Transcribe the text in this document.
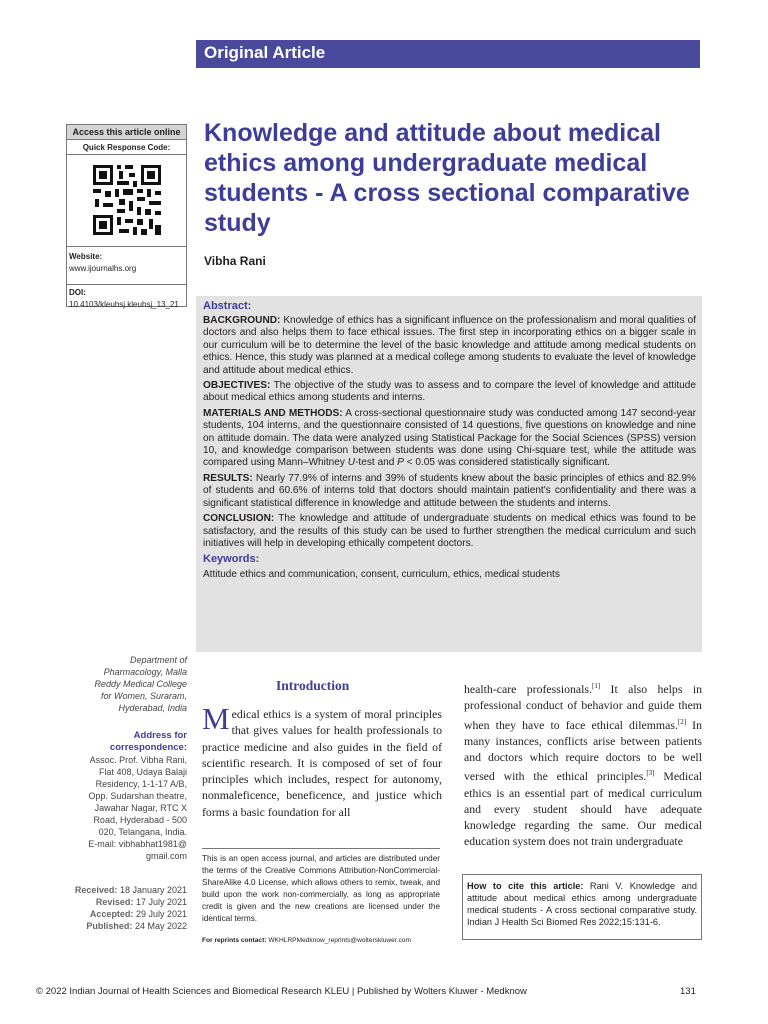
Original Article
Access this article online
Quick Response Code:
Website:
www.ijournalhs.org
DOI:
10.4103/kleuhsj.kleuhsj_13_21
Knowledge and attitude about medical ethics among undergraduate medical students - A cross sectional comparative study
Vibha Rani
Abstract:

BACKGROUND: Knowledge of ethics has a significant influence on the professionalism and moral qualities of doctors and also helps them to face ethical issues. The first step in incorporating ethics on a bigger scale in our curriculum will be to determine the level of the basic knowledge and attitude among medical students on ethics. Hence, this study was planned at a medical college among students to evaluate the level of knowledge and attitude about medical ethics.

OBJECTIVES: The objective of the study was to assess and to compare the level of knowledge and attitude about medical ethics among students and interns.

MATERIALS AND METHODS: A cross-sectional questionnaire study was conducted among 147 second-year students, 104 interns, and the questionnaire consisted of 14 questions, five questions on knowledge and nine on attitude domain. The data were analyzed using Statistical Package for the Social Sciences (SPSS) version 10, and knowledge comparison between students was done using Chi-square test, while the attitude was compared using Mann–Whitney U-test and P < 0.05 was considered statistically significant.

RESULTS: Nearly 77.9% of interns and 39% of students knew about the basic principles of ethics and 82.9% of students and 60.6% of interns told that doctors should maintain patient's confidentiality and there was a significant statistical difference in knowledge and attitude between the students and interns.

CONCLUSION: The knowledge and attitude of undergraduate students on medical ethics was found to be satisfactory, and the results of this study can be used to further strengthen the medical curriculum and such initiatives will help in developing ethically competent doctors.

Keywords:
Attitude ethics and communication, consent, curriculum, ethics, medical students
Department of Pharmacology, Malla Reddy Medical College for Women, Suraram, Hyderabad, India
Address for correspondence:
Assoc. Prof. Vibha Rani, Flat 408, Udaya Balaji Residency, 1-1-17 A/B, Opp. Sudarshan theatre, Jawahar Nagar, RTC X Road, Hyderabad - 500 020, Telangana, India.
E-mail: vibhabhat1981@ gmail.com
Received: 18 January 2021
Revised: 17 July 2021
Accepted: 29 July 2021
Published: 24 May 2022
Introduction

Medical ethics is a system of moral principles that gives values for health professionals to practice medicine and also guides in the field of scientific research. It is composed of set of four principles which includes, respect for autonomy, nonmaleficence, beneficence, and justice which forms a basic foundation for all

health-care professionals.[1] It also helps in professional conduct of behavior and guide them when they have to face ethical dilemmas.[2] In many instances, conflicts arise between patients and doctors which require doctors to be well versed with the ethical principles.[3] Medical ethics is an essential part of medical curriculum and every student should have adequate knowledge regarding the same. Our medical education system does not train undergraduate

This is an open access journal, and articles are distributed under the terms of the Creative Commons Attribution-NonCommercial-ShareAlike 4.0 License, which allows others to remix, tweak, and build upon the work non-commercially, as long as appropriate credit is given and the new creations are licensed under the identical terms.
For reprints contact: WKHLRPMedknow_reprints@wolterskluwer.com
How to cite this article: Rani V. Knowledge and attitude about medical ethics among undergraduate medical students - A cross sectional comparative study. Indian J Health Sci Biomed Res 2022;15:131-6.
© 2022 Indian Journal of Health Sciences and Biomedical Research KLEU | Published by Wolters Kluwer - Medknow	131
